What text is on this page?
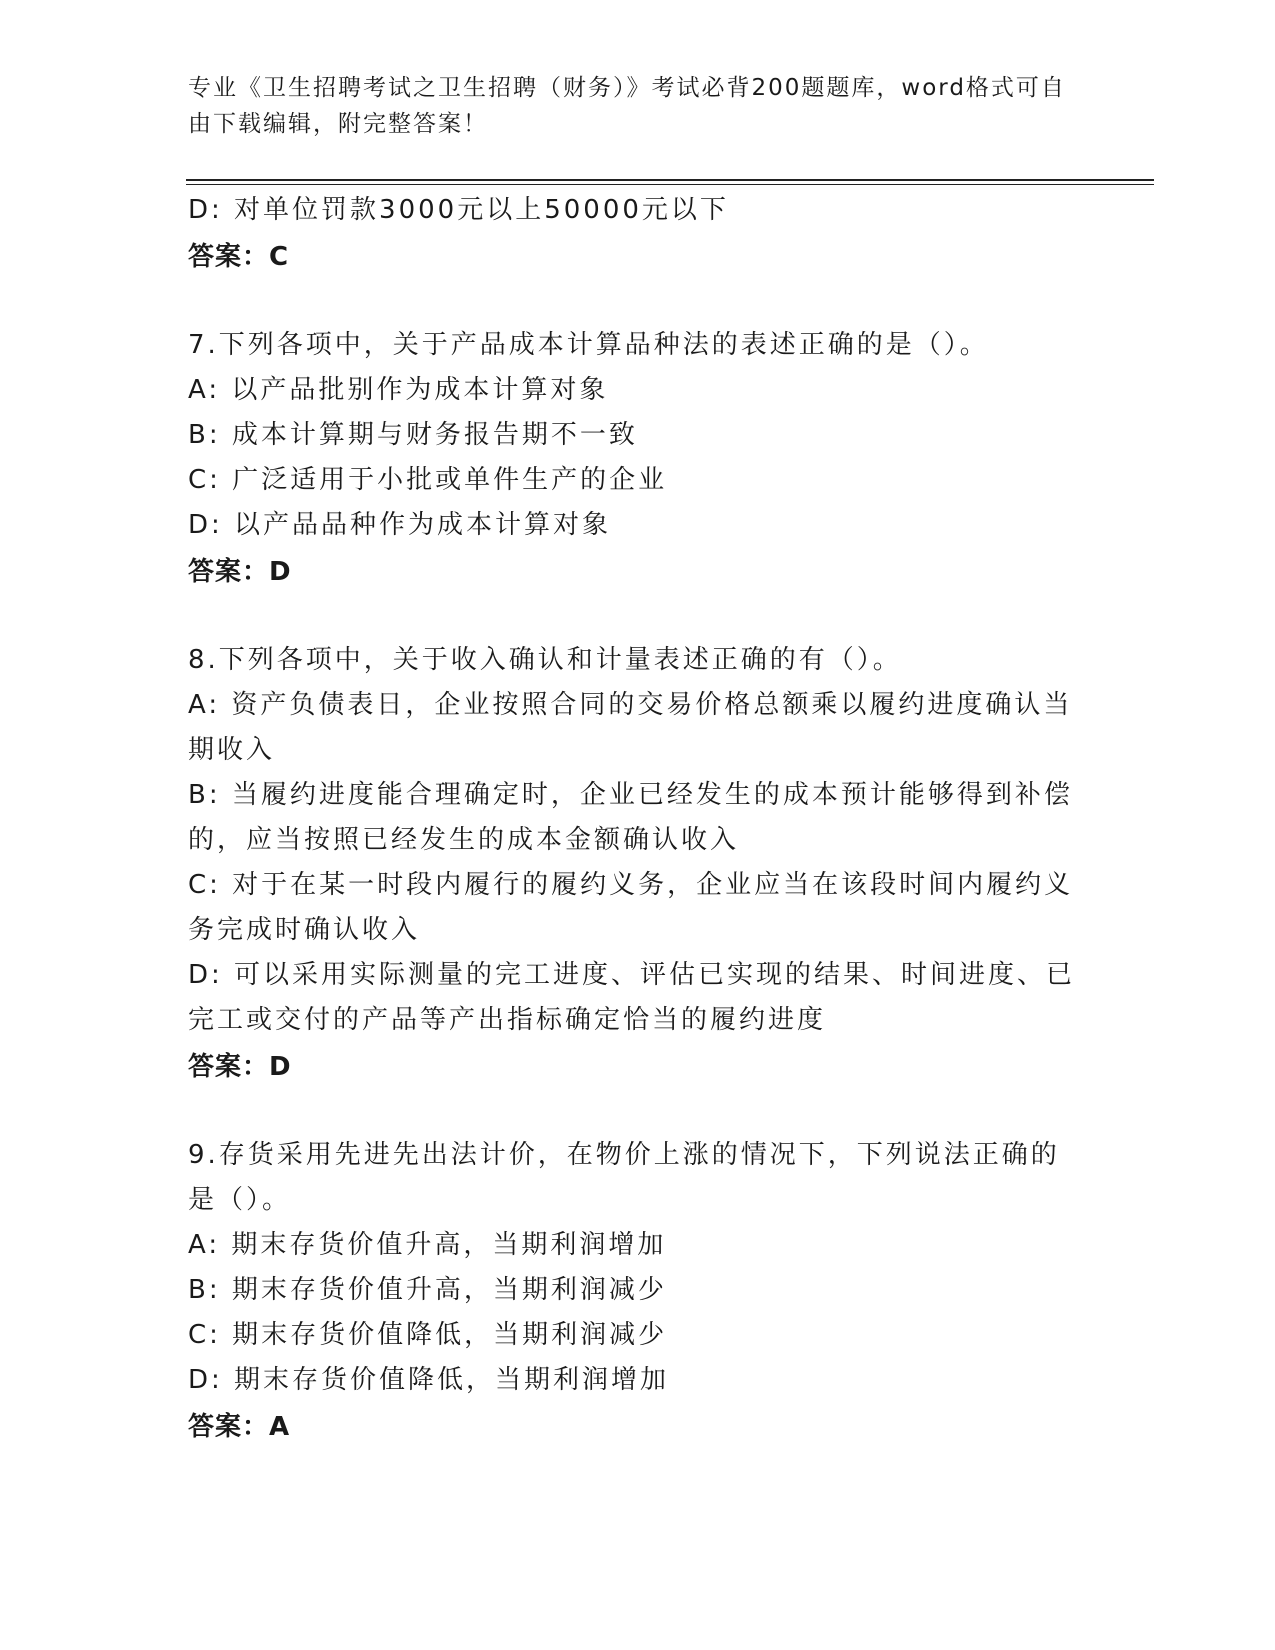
专业《卫生招聘考试之卫生招聘（财务）》考试必背200题题库，word格式可自由下载编辑，附完整答案！
D: 对单位罚款3000元以上50000元以下
答案：C
7.下列各项中，关于产品成本计算品种法的表述正确的是（）。
A: 以产品批别作为成本计算对象
B: 成本计算期与财务报告期不一致
C: 广泛适用于小批或单件生产的企业
D: 以产品品种作为成本计算对象
答案：D
8.下列各项中，关于收入确认和计量表述正确的有（）。
A: 资产负债表日，企业按照合同的交易价格总额乘以履约进度确认当期收入
B: 当履约进度能合理确定时，企业已经发生的成本预计能够得到补偿的，应当按照已经发生的成本金额确认收入
C: 对于在某一时段内履行的履约义务，企业应当在该段时间内履约义务完成时确认收入
D: 可以采用实际测量的完工进度、评估已实现的结果、时间进度、已完工或交付的产品等产出指标确定恰当的履约进度
答案：D
9.存货采用先进先出法计价，在物价上涨的情况下，下列说法正确的是（）。
A: 期末存货价值升高，当期利润增加
B: 期末存货价值升高，当期利润减少
C: 期末存货价值降低，当期利润减少
D: 期末存货价值降低，当期利润增加
答案：A
